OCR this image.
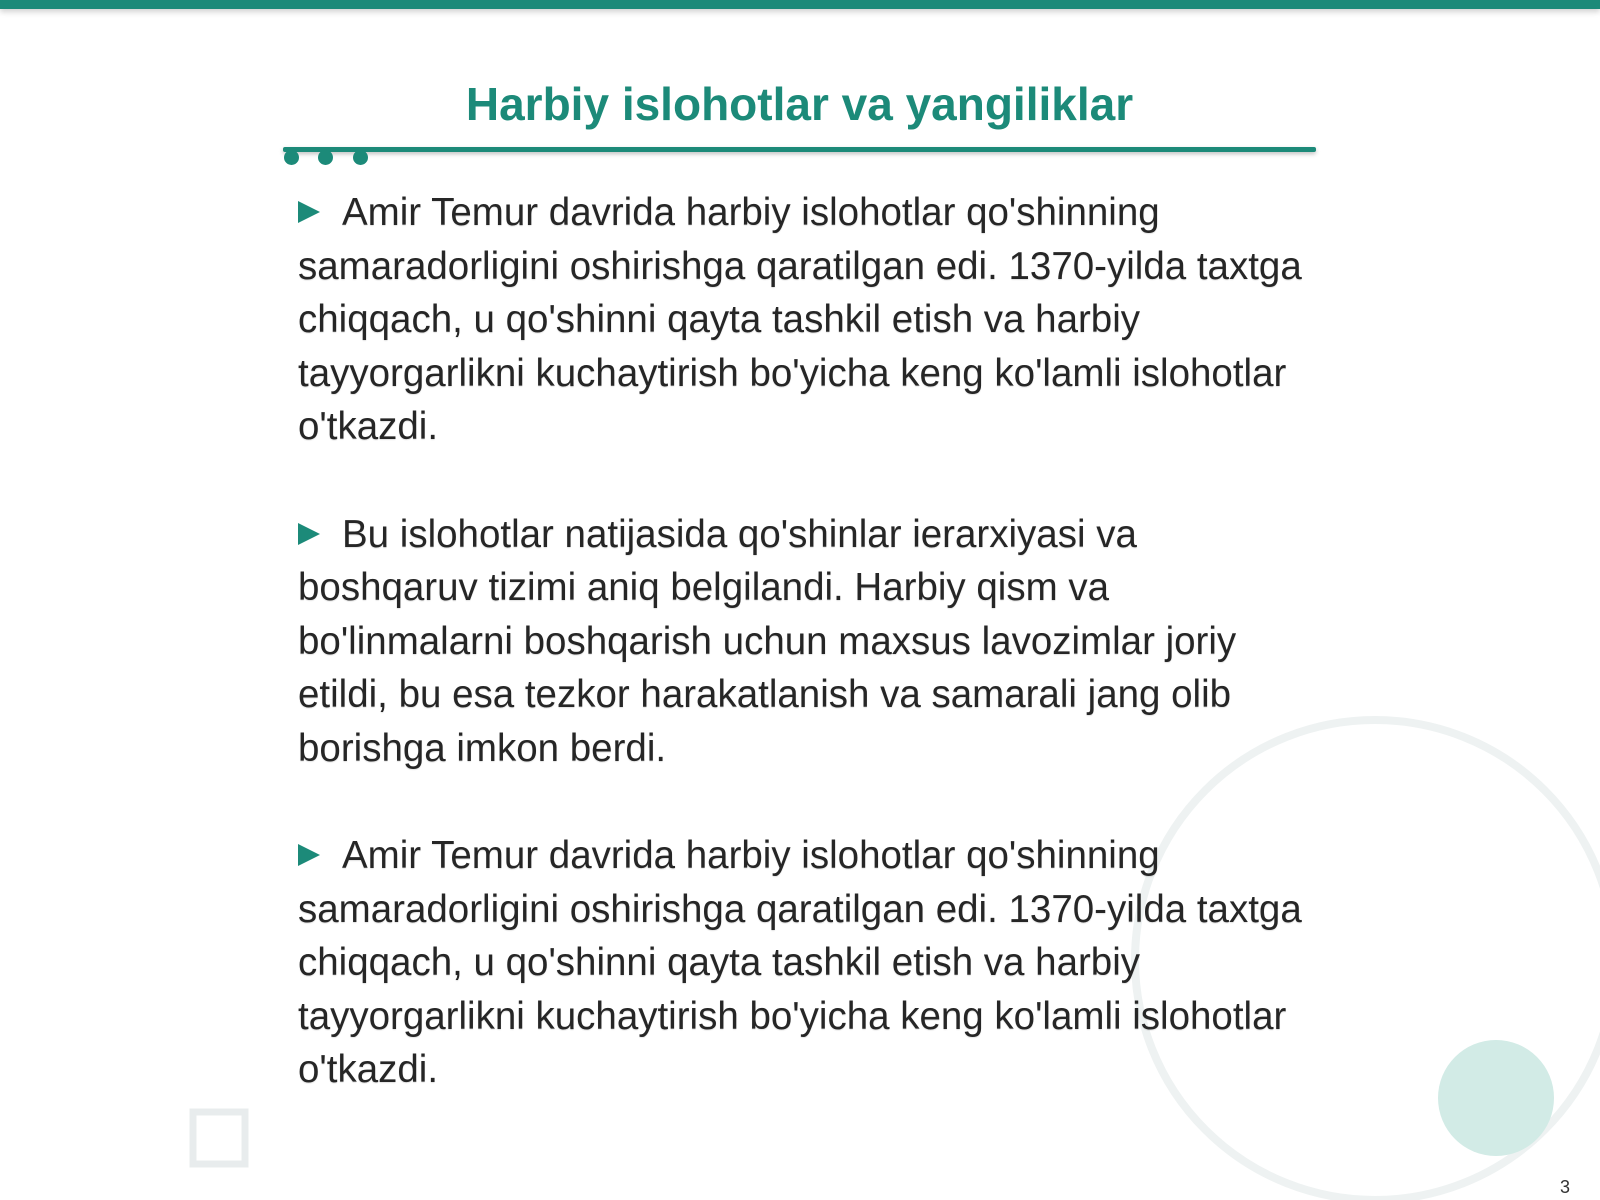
Harbiy islohotlar va yangiliklar

Amir Temur davrida harbiy islohotlar qo'shinning samaradorligini oshirishga qaratilgan edi. 1370-yilda taxtga chiqqach, u qo'shinni qayta tashkil etish va harbiy tayyorgarlikni kuchaytirish bo'yicha keng ko'lamli islohotlar o'tkazdi.

Bu islohotlar natijasida qo'shinlar ierarxiyasi va boshqaruv tizimi aniq belgilandi. Harbiy qism va bo'linmalarni boshqarish uchun maxsus lavozimlar joriy etildi, bu esa tezkor harakatlanish va samarali jang olib borishga imkon berdi.

Amir Temur davrida harbiy islohotlar qo'shinning samaradorligini oshirishga qaratilgan edi. 1370-yilda taxtga chiqqach, u qo'shinni qayta tashkil etish va harbiy tayyorgarlikni kuchaytirish bo'yicha keng ko'lamli islohotlar o'tkazdi.

3
